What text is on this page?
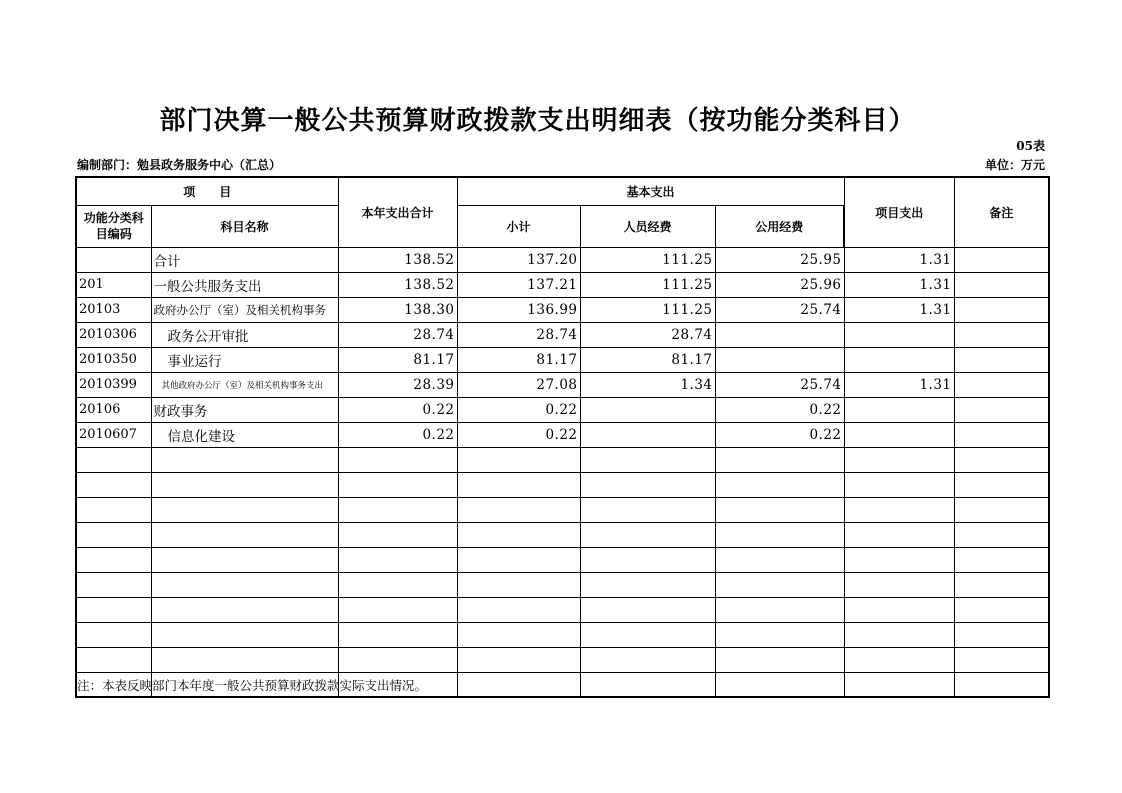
部门决算一般公共预算财政拨款支出明细表（按功能分类科目）
05表
编制部门：勉县政务服务中心（汇总）	单位：万元
项　　目		本年支出合计	基本支出			项目支出	备注
功能分类科目编码	科目名称		小计	人员经费	公用经费		
	合计	138.52	137.20	111.25	25.95	1.31	
201	一般公共服务支出	138.52	137.21	111.25	25.96	1.31	
20103	政府办公厅（室）及相关机构事务	138.30	136.99	111.25	25.74	1.31	
2010306	政务公开审批	28.74	28.74	28.74			
2010350	事业运行	81.17	81.17	81.17			
2010399	其他政府办公厅（室）及相关机构事务支出	28.39	27.08	1.34	25.74	1.31	
20106	财政事务	0.22	0.22		0.22		
2010607	信息化建设	0.22	0.22		0.22		

注：本表反映部门本年度一般公共预算财政拨款实际支出情况。
